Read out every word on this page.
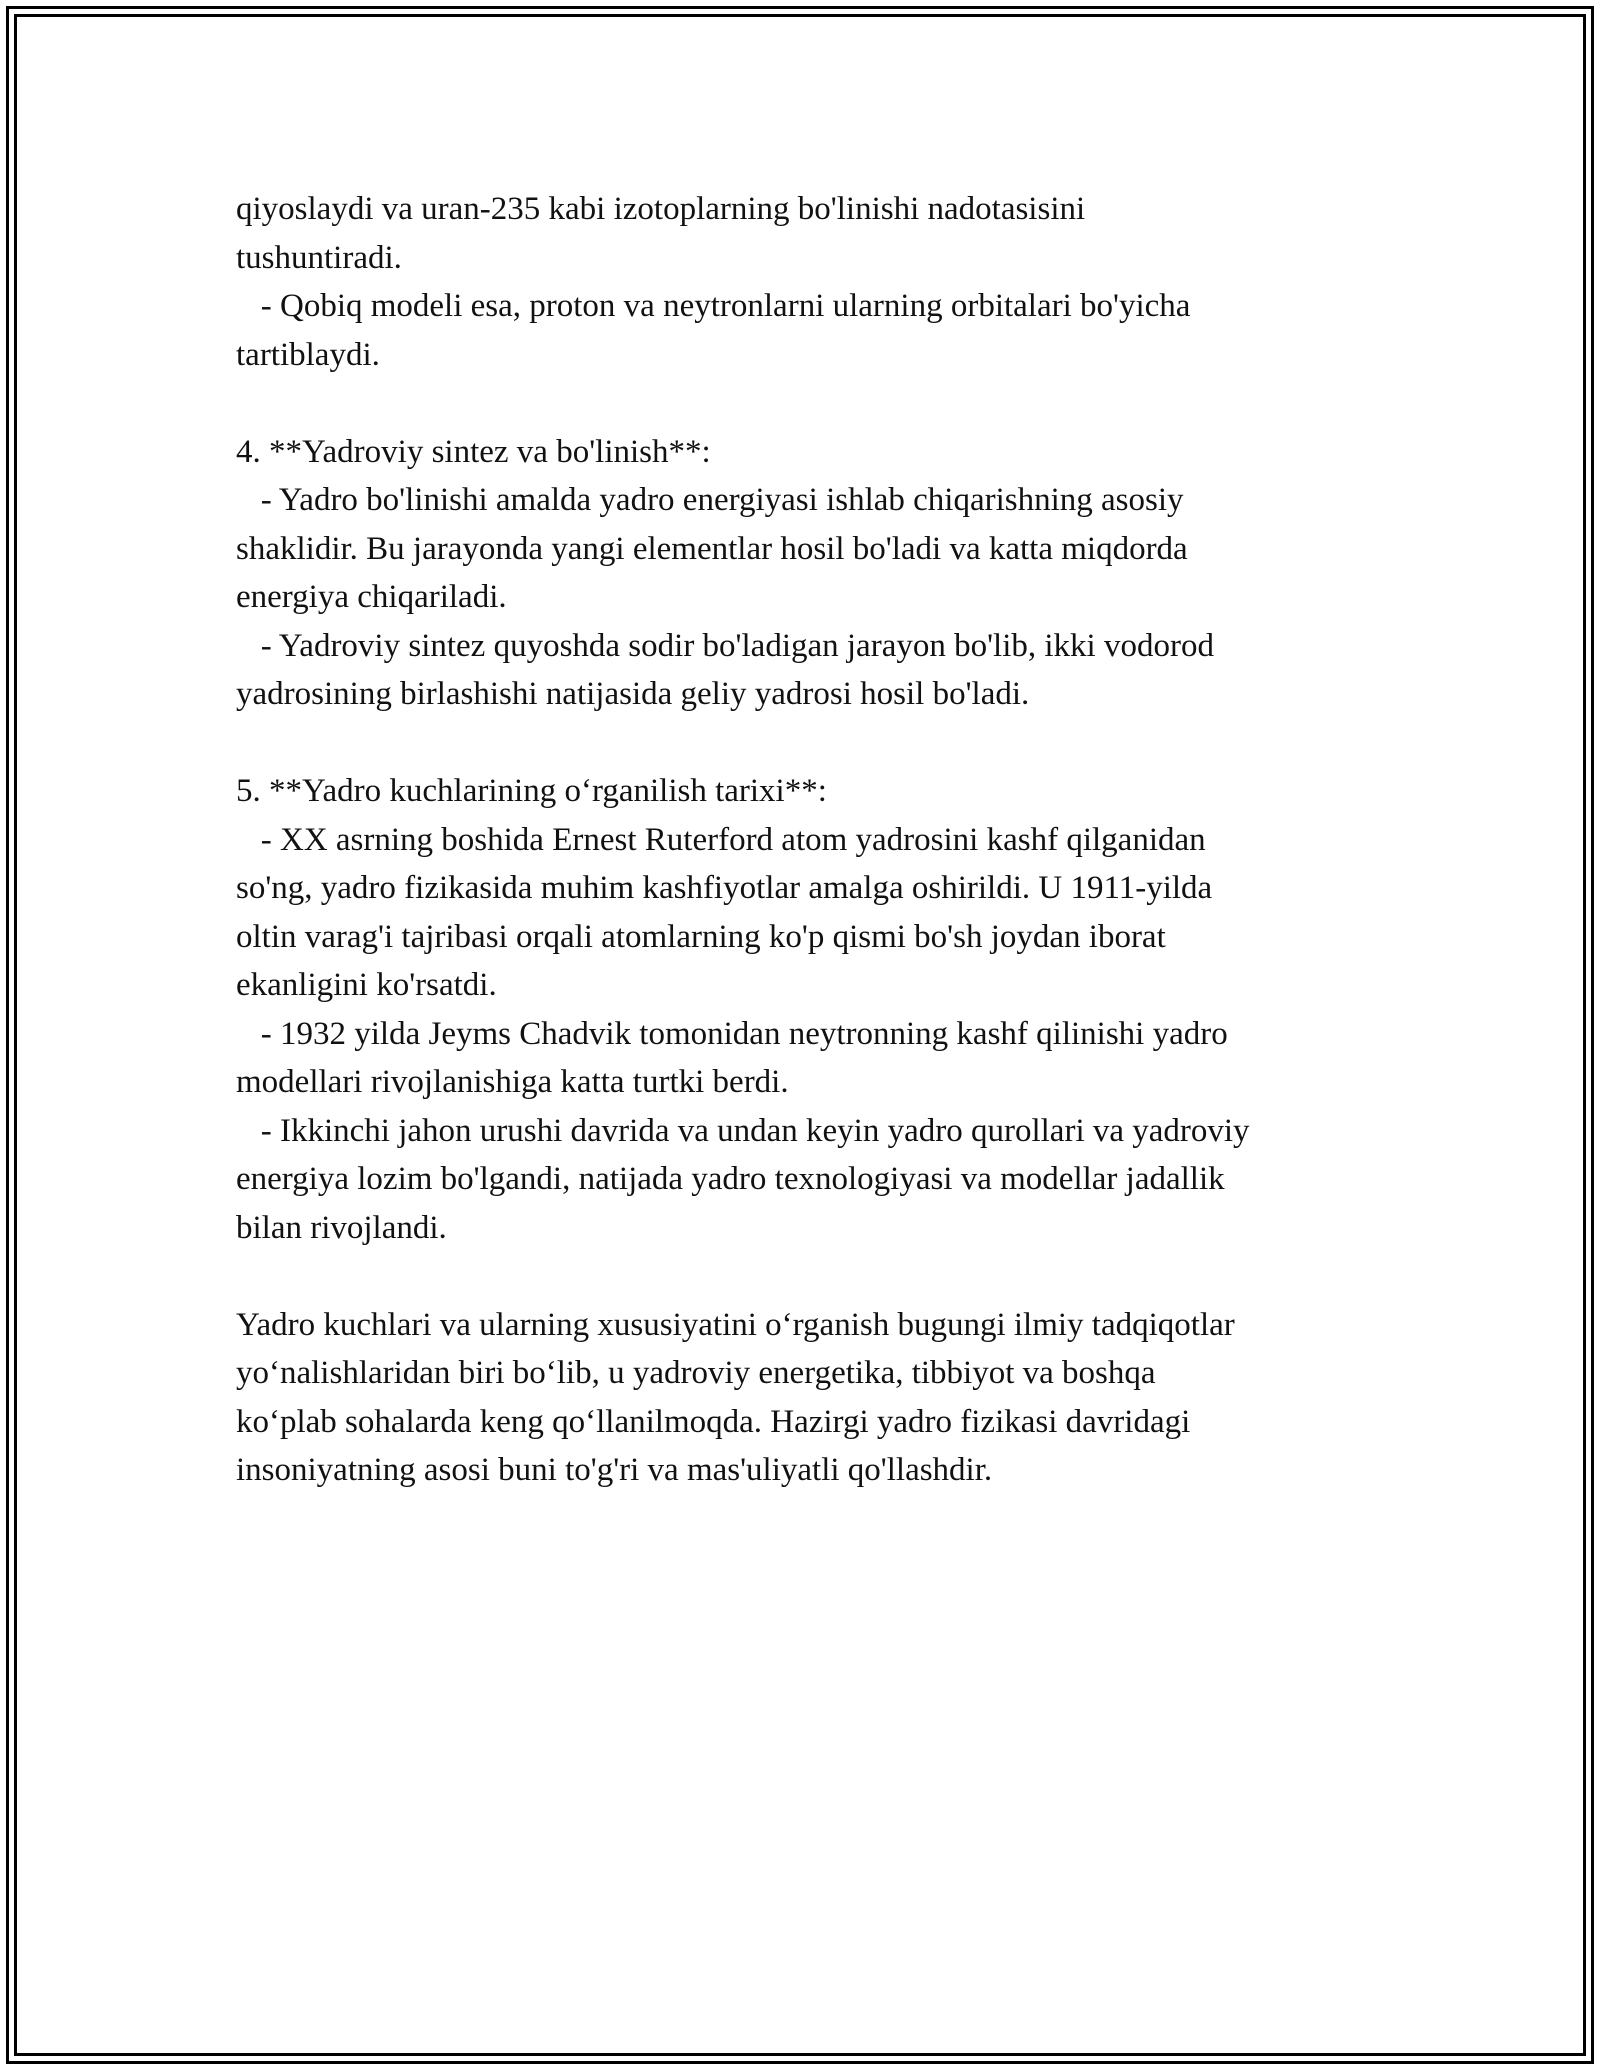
qiyoslaydi va uran-235 kabi izotoplarning bo'linishi nadotasisini
tushuntiradi.
- Qobiq modeli esa, proton va neytronlarni ularning orbitalari bo'yicha
tartiblaydi.
4. **Yadroviy sintez va bo'linish**:
- Yadro bo'linishi amalda yadro energiyasi ishlab chiqarishning asosiy
shaklidir. Bu jarayonda yangi elementlar hosil bo'ladi va katta miqdorda
energiya chiqariladi.
- Yadroviy sintez quyoshda sodir bo'ladigan jarayon bo'lib, ikki vodorod
yadrosining birlashishi natijasida geliy yadrosi hosil bo'ladi.
5. **Yadro kuchlarining o‘rganilish tarixi**:
- XX asrning boshida Ernest Ruterford atom yadrosini kashf qilganidan
so'ng, yadro fizikasida muhim kashfiyotlar amalga oshirildi. U 1911-yilda
oltin varag'i tajribasi orqali atomlarning ko'p qismi bo'sh joydan iborat
ekanligini ko'rsatdi.
- 1932 yilda Jeyms Chadvik tomonidan neytronning kashf qilinishi yadro
modellari rivojlanishiga katta turtki berdi.
- Ikkinchi jahon urushi davrida va undan keyin yadro qurollari va yadroviy
energiya lozim bo'lgandi, natijada yadro texnologiyasi va modellar jadallik
bilan rivojlandi.
Yadro kuchlari va ularning xususiyatini o‘rganish bugungi ilmiy tadqiqotlar
yo‘nalishlaridan biri bo‘lib, u yadroviy energetika, tibbiyot va boshqa
ko‘plab sohalarda keng qo‘llanilmoqda. Hazirgi yadro fizikasi davridagi
insoniyatning asosi buni to'g'ri va mas'uliyatli qo'llashdir.
